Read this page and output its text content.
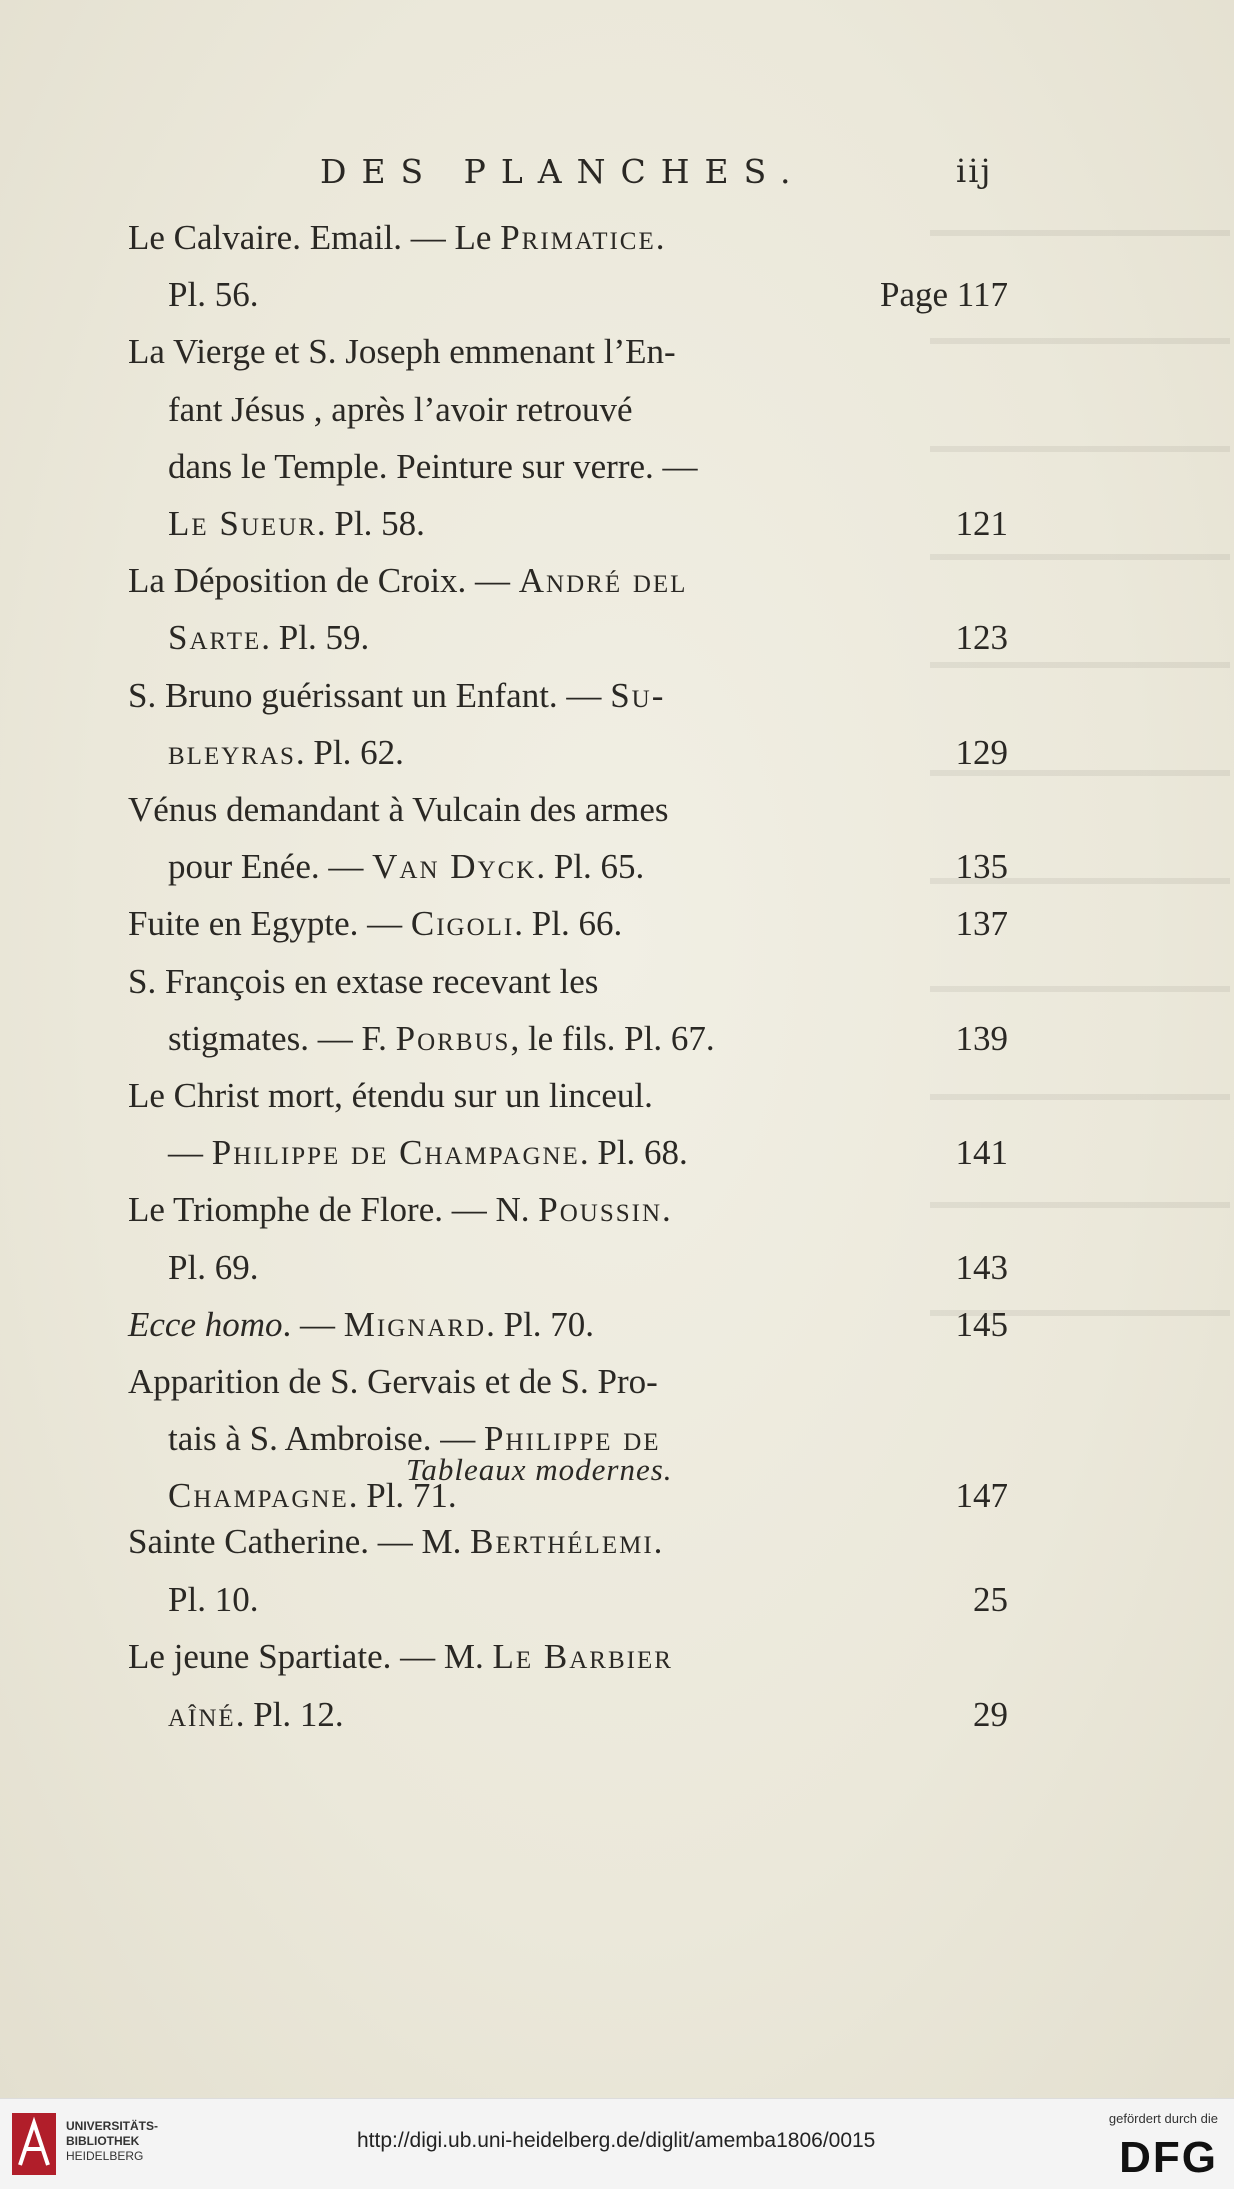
DES PLANCHES.	iij
Tableaux modernes.
Le Calvaire. Email. — Le Primatice.
Pl. 56.	Page 117
La Vierge et S. Joseph emmenant l’En-
fant Jésus , après l’avoir retrouvé
dans le Temple. Peinture sur verre. —
Le Sueur. Pl. 58.	121
La Déposition de Croix. — André del
Sarte. Pl. 59.	123
S. Bruno guérissant un Enfant. — Su-
bleyras. Pl. 62.	129
Vénus demandant à Vulcain des armes
pour Enée. — Van Dyck. Pl. 65.	135
Fuite en Egypte. — Cigoli. Pl. 66.	137
S. François en extase recevant les
stigmates. — F. Porbus, le fils. Pl. 67.	139
Le Christ mort, étendu sur un linceul.
— Philippe de Champagne. Pl. 68.	141
Le Triomphe de Flore. — N. Poussin.
Pl. 69.	143
Ecce homo. — Mignard. Pl. 70.	145
Apparition de S. Gervais et de S. Pro-
tais à S. Ambroise. — Philippe de
Champagne. Pl. 71.	147
Sainte Catherine. — M. Berthélemi.
Pl. 10.	25
Le jeune Spartiate. — M. Le Barbier
aîné. Pl. 12.	29
UNIVERSITÄTS-
BIBLIOTHEK
HEIDELBERG
http://digi.ub.uni-heidelberg.de/diglit/amemba1806/0015
gefördert durch die
DFG
